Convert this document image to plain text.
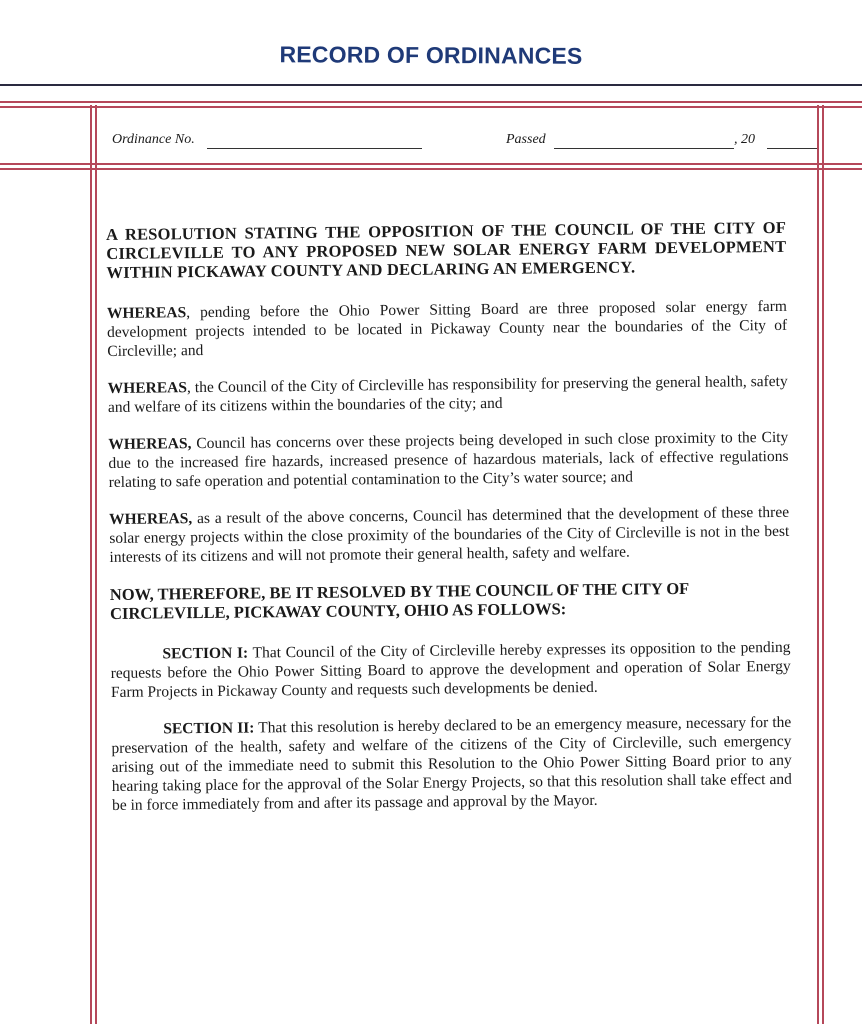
RECORD OF ORDINANCES
Ordinance No.	Passed	, 20
A RESOLUTION STATING THE OPPOSITION OF THE COUNCIL OF THE CITY OF CIRCLEVILLE TO ANY PROPOSED NEW SOLAR ENERGY FARM DEVELOPMENT WITHIN PICKAWAY COUNTY AND DECLARING AN EMERGENCY.

WHEREAS, pending before the Ohio Power Sitting Board are three proposed solar energy farm development projects intended to be located in Pickaway County near the boundaries of the City of Circleville; and

WHEREAS, the Council of the City of Circleville has responsibility for preserving the general health, safety and welfare of its citizens within the boundaries of the city; and

WHEREAS, Council has concerns over these projects being developed in such close proximity to the City due to the increased fire hazards, increased presence of hazardous materials, lack of effective regulations relating to safe operation and potential contamination to the City’s water source; and

WHEREAS, as a result of the above concerns, Council has determined that the development of these three solar energy projects within the close proximity of the boundaries of the City of Circleville is not in the best interests of its citizens and will not promote their general health, safety and welfare.

NOW, THEREFORE, BE IT RESOLVED BY THE COUNCIL OF THE CITY OF CIRCLEVILLE, PICKAWAY COUNTY, OHIO AS FOLLOWS:

SECTION I: That Council of the City of Circleville hereby expresses its opposition to the pending requests before the Ohio Power Sitting Board to approve the development and operation of Solar Energy Farm Projects in Pickaway County and requests such developments be denied.

SECTION II: That this resolution is hereby declared to be an emergency measure, necessary for the preservation of the health, safety and welfare of the citizens of the City of Circleville, such emergency arising out of the immediate need to submit this Resolution to the Ohio Power Sitting Board prior to any hearing taking place for the approval of the Solar Energy Projects, so that this resolution shall take effect and be in force immediately from and after its passage and approval by the Mayor.
